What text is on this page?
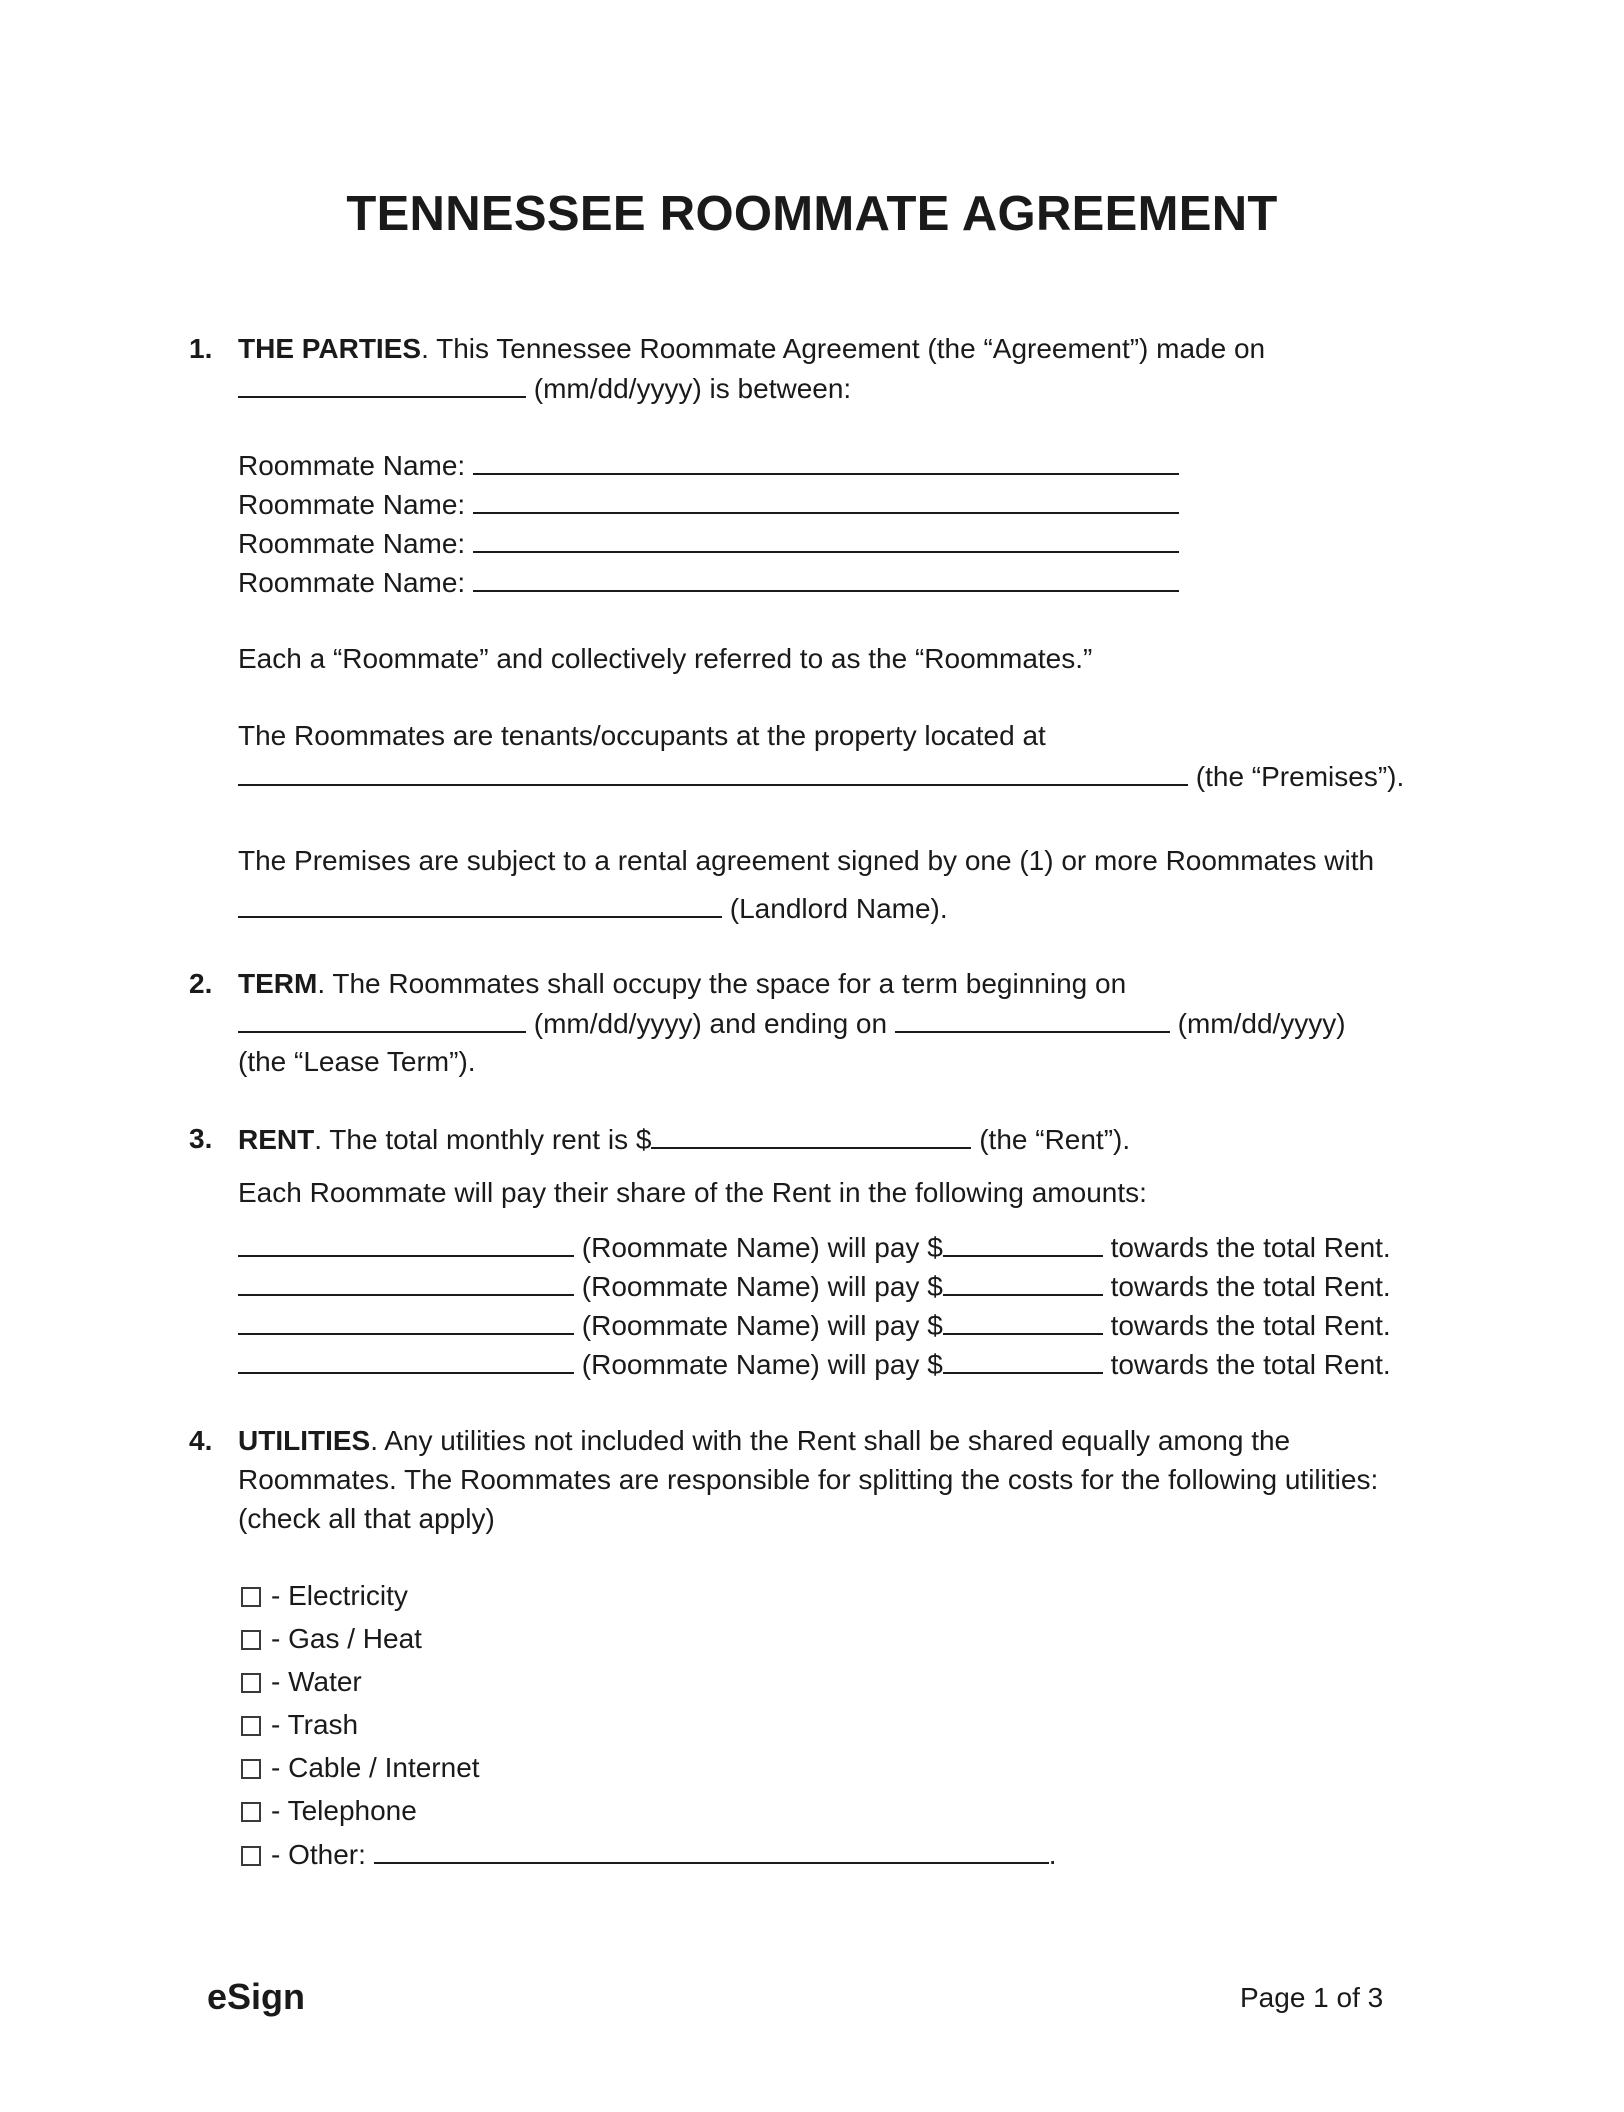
TENNESSEE ROOMMATE AGREEMENT
1. THE PARTIES. This Tennessee Roommate Agreement (the “Agreement”) made on
(mm/dd/yyyy) is between:
Roommate Name:
Roommate Name:
Roommate Name:
Roommate Name:
Each a “Roommate” and collectively referred to as the “Roommates.”
The Roommates are tenants/occupants at the property located at
(the “Premises”).
The Premises are subject to a rental agreement signed by one (1) or more Roommates with
(Landlord Name).
2. TERM. The Roommates shall occupy the space for a term beginning on
(mm/dd/yyyy) and ending on	(mm/dd/yyyy)
(the “Lease Term”).
3. RENT. The total monthly rent is $	(the “Rent”).
Each Roommate will pay their share of the Rent in the following amounts:
(Roommate Name) will pay $	towards the total Rent.
(Roommate Name) will pay $	towards the total Rent.
(Roommate Name) will pay $	towards the total Rent.
(Roommate Name) will pay $	towards the total Rent.
4. UTILITIES. Any utilities not included with the Rent shall be shared equally among the
Roommates. The Roommates are responsible for splitting the costs for the following utilities:
(check all that apply)
- Electricity
- Gas / Heat
- Water
- Trash
- Cable / Internet
- Telephone
- Other:	.
eSign	Page 1 of 3
